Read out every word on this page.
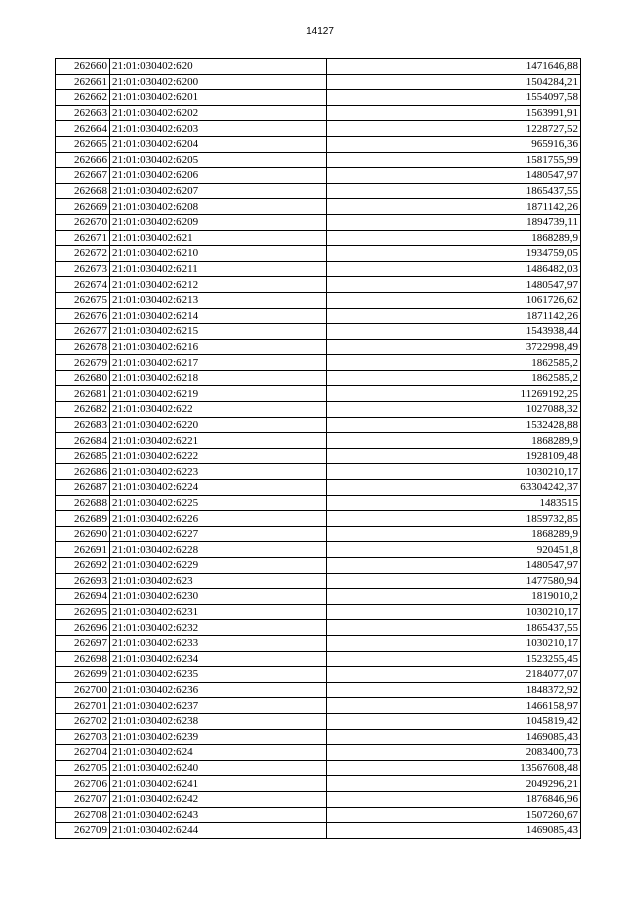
14127
262660	21:01:030402:620	1471646,88
262661	21:01:030402:6200	1504284,21
262662	21:01:030402:6201	1554097,58
262663	21:01:030402:6202	1563991,91
262664	21:01:030402:6203	1228727,52
262665	21:01:030402:6204	965916,36
262666	21:01:030402:6205	1581755,99
262667	21:01:030402:6206	1480547,97
262668	21:01:030402:6207	1865437,55
262669	21:01:030402:6208	1871142,26
262670	21:01:030402:6209	1894739,11
262671	21:01:030402:621	1868289,9
262672	21:01:030402:6210	1934759,05
262673	21:01:030402:6211	1486482,03
262674	21:01:030402:6212	1480547,97
262675	21:01:030402:6213	1061726,62
262676	21:01:030402:6214	1871142,26
262677	21:01:030402:6215	1543938,44
262678	21:01:030402:6216	3722998,49
262679	21:01:030402:6217	1862585,2
262680	21:01:030402:6218	1862585,2
262681	21:01:030402:6219	11269192,25
262682	21:01:030402:622	1027088,32
262683	21:01:030402:6220	1532428,88
262684	21:01:030402:6221	1868289,9
262685	21:01:030402:6222	1928109,48
262686	21:01:030402:6223	1030210,17
262687	21:01:030402:6224	63304242,37
262688	21:01:030402:6225	1483515
262689	21:01:030402:6226	1859732,85
262690	21:01:030402:6227	1868289,9
262691	21:01:030402:6228	920451,8
262692	21:01:030402:6229	1480547,97
262693	21:01:030402:623	1477580,94
262694	21:01:030402:6230	1819010,2
262695	21:01:030402:6231	1030210,17
262696	21:01:030402:6232	1865437,55
262697	21:01:030402:6233	1030210,17
262698	21:01:030402:6234	1523255,45
262699	21:01:030402:6235	2184077,07
262700	21:01:030402:6236	1848372,92
262701	21:01:030402:6237	1466158,97
262702	21:01:030402:6238	1045819,42
262703	21:01:030402:6239	1469085,43
262704	21:01:030402:624	2083400,73
262705	21:01:030402:6240	13567608,48
262706	21:01:030402:6241	2049296,21
262707	21:01:030402:6242	1876846,96
262708	21:01:030402:6243	1507260,67
262709	21:01:030402:6244	1469085,43
